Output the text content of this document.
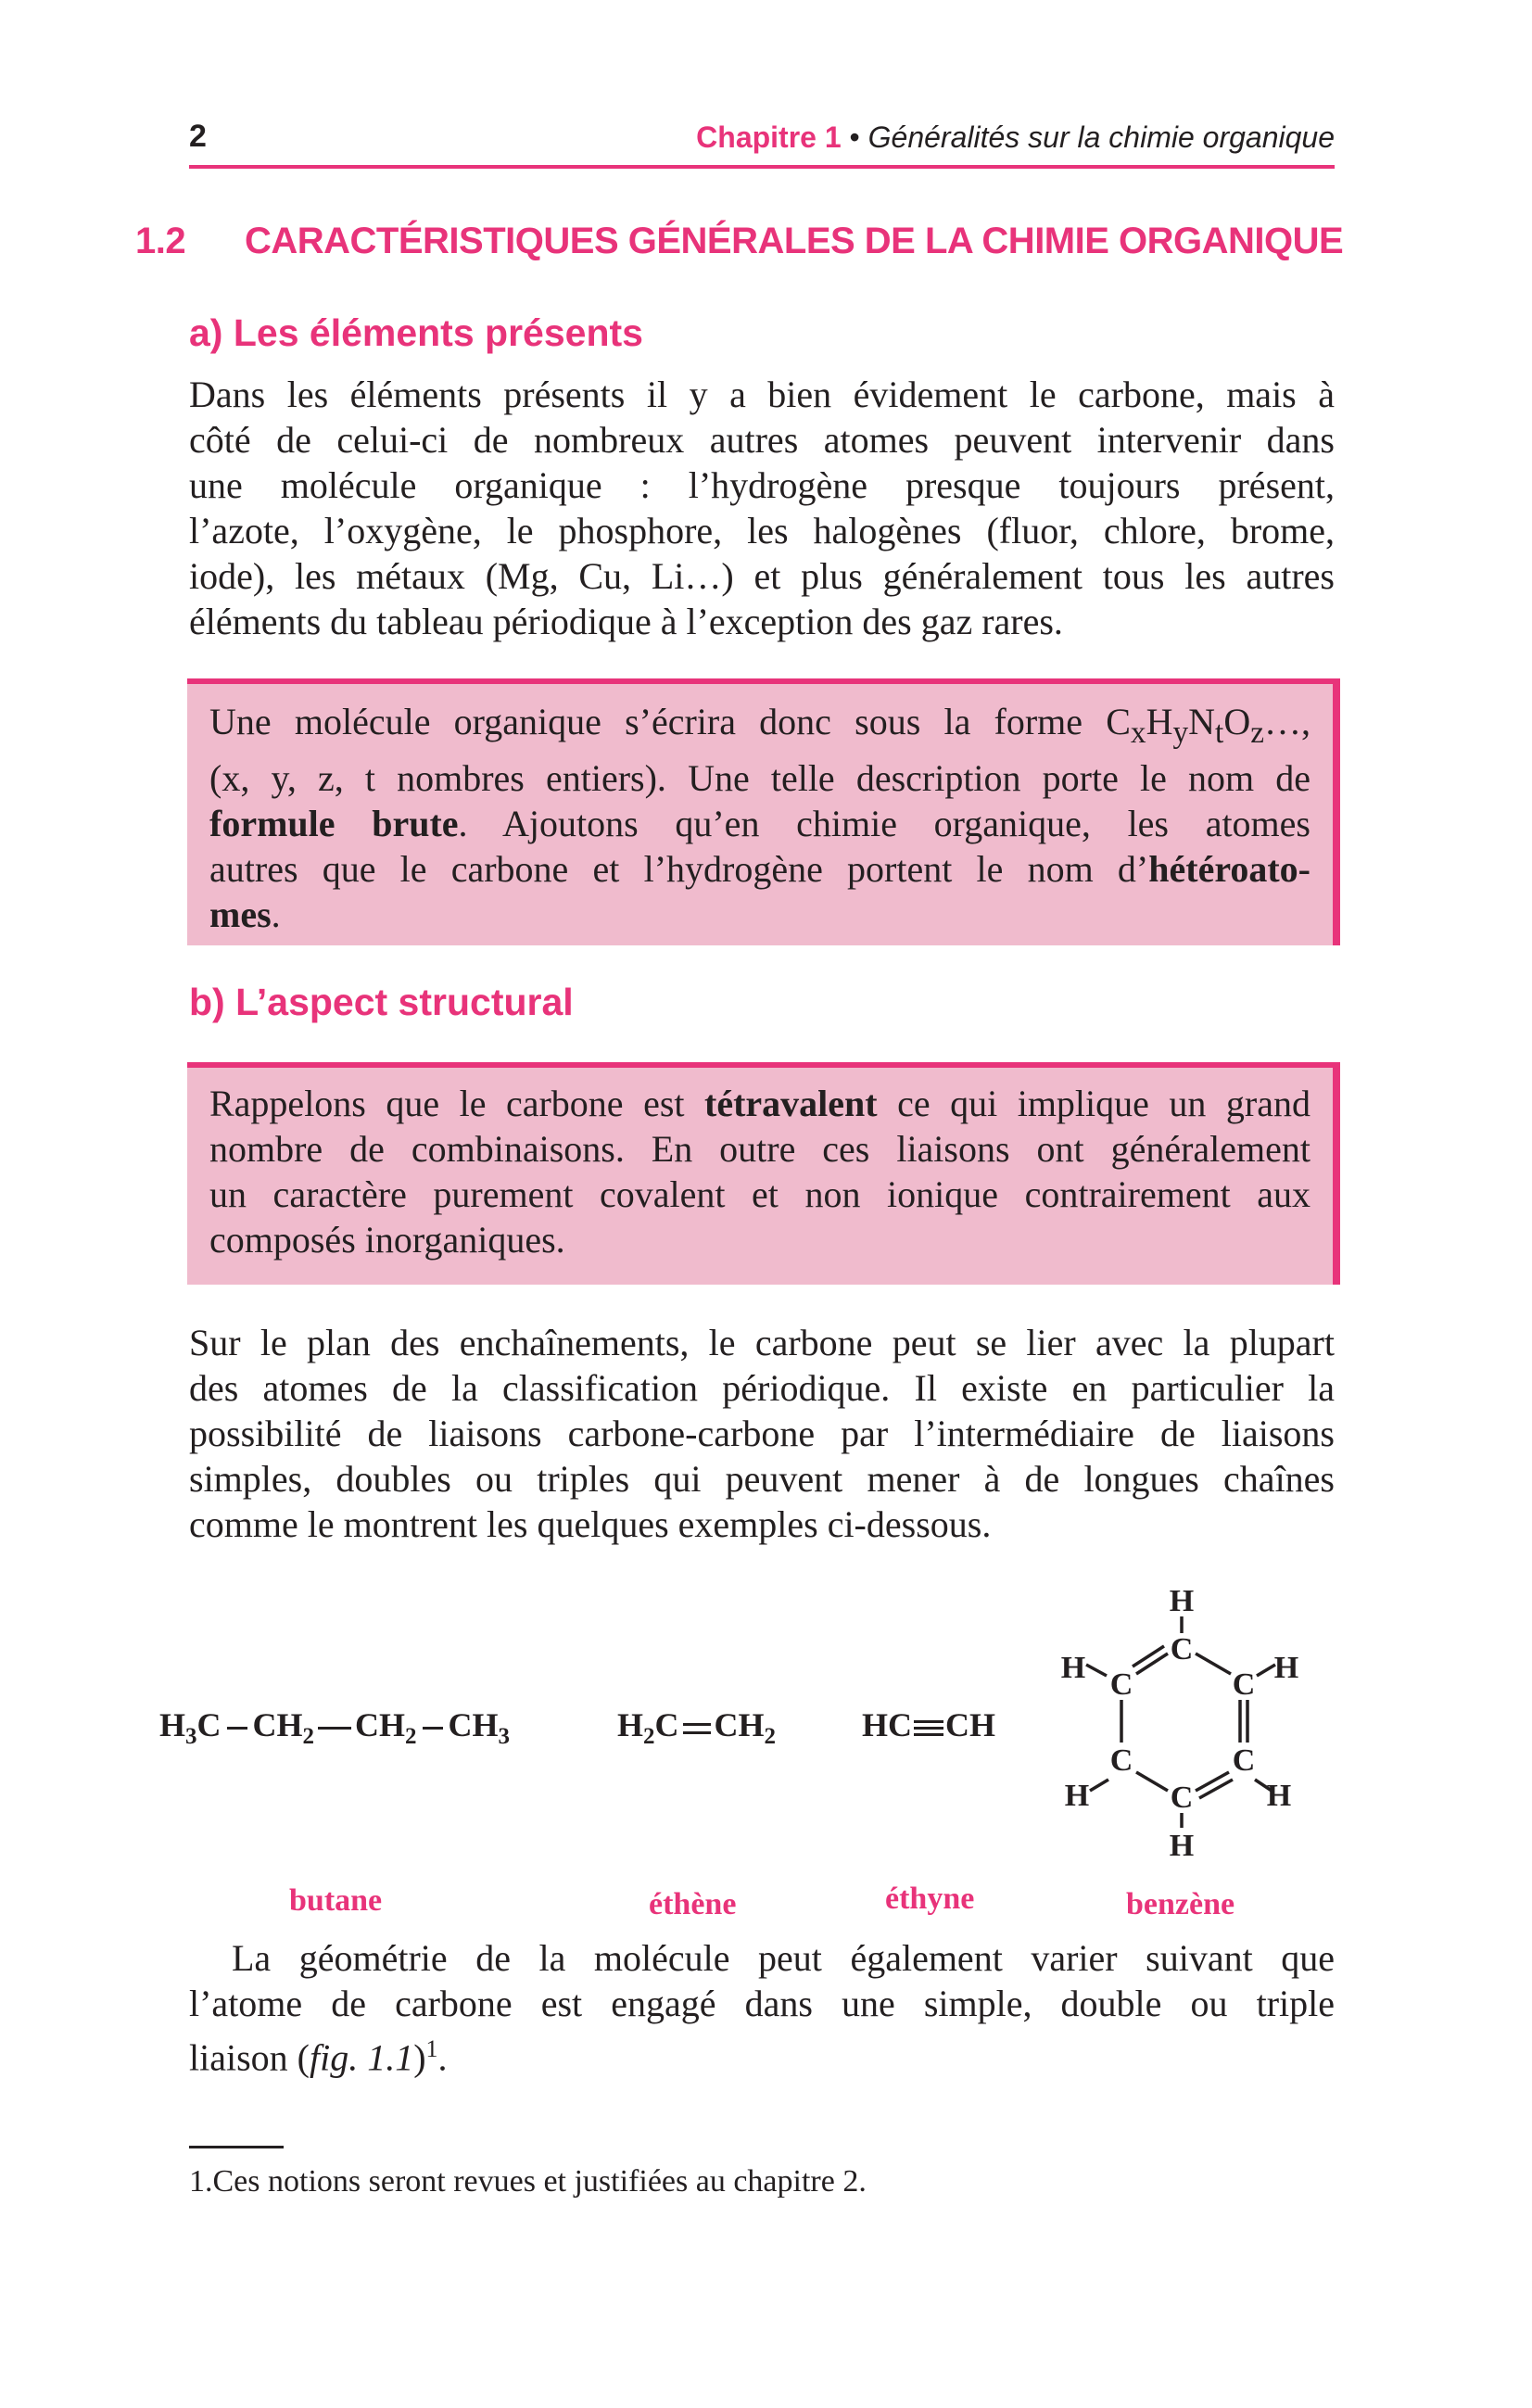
2	Chapitre 1 • Généralités sur la chimie organique
1.2 CARACTÉRISTIQUES GÉNÉRALES DE LA CHIMIE ORGANIQUE
a) Les éléments présents
Dans les éléments présents il y a bien évidement le carbone, mais à
côté de celui-ci de nombreux autres atomes peuvent intervenir dans
une molécule organique : l’hydrogène presque toujours présent,
l’azote, l’oxygène, le phosphore, les halogènes (fluor, chlore, brome,
iode), les métaux (Mg, Cu, Li…) et plus généralement tous les autres
éléments du tableau périodique à l’exception des gaz rares.
Une molécule organique s’écrira donc sous la forme $C_xH_yN_tO_z\dots$,
(x, y, z, t nombres entiers). Une telle description porte le nom de
formule brute. Ajoutons qu’en chimie organique, les atomes
autres que le carbone et l’hydrogène portent le nom d’hétéroato-
mes.
b) L’aspect structural
Rappelons que le carbone est tétravalent ce qui implique un grand
nombre de combinaisons. En outre ces liaisons ont généralement
un caractère purement covalent et non ionique contrairement aux
composés inorganiques.
Sur le plan des enchaînements, le carbone peut se lier avec la plupart
des atomes de la classification périodique. Il existe en particulier la
possibilité de liaisons carbone-carbone par l’intermédiaire de liaisons
simples, doubles ou triples qui peuvent mener à de longues chaînes
comme le montrent les quelques exemples ci-dessous.
$H_3C$ $CH_2$ $CH_2$ $CH_3$
butane
$H_2C$ $CH_2$
éthène
HC CH
éthyne
H
H	H
H	H
H
C
C	C
C	C
C
benzène
La géométrie de la molécule peut également varier suivant que
l’atome de carbone est engagé dans une simple, double ou triple
liaison (fig. 1.1)$^1$.
1.Ces notions seront revues et justifiées au chapitre 2.
